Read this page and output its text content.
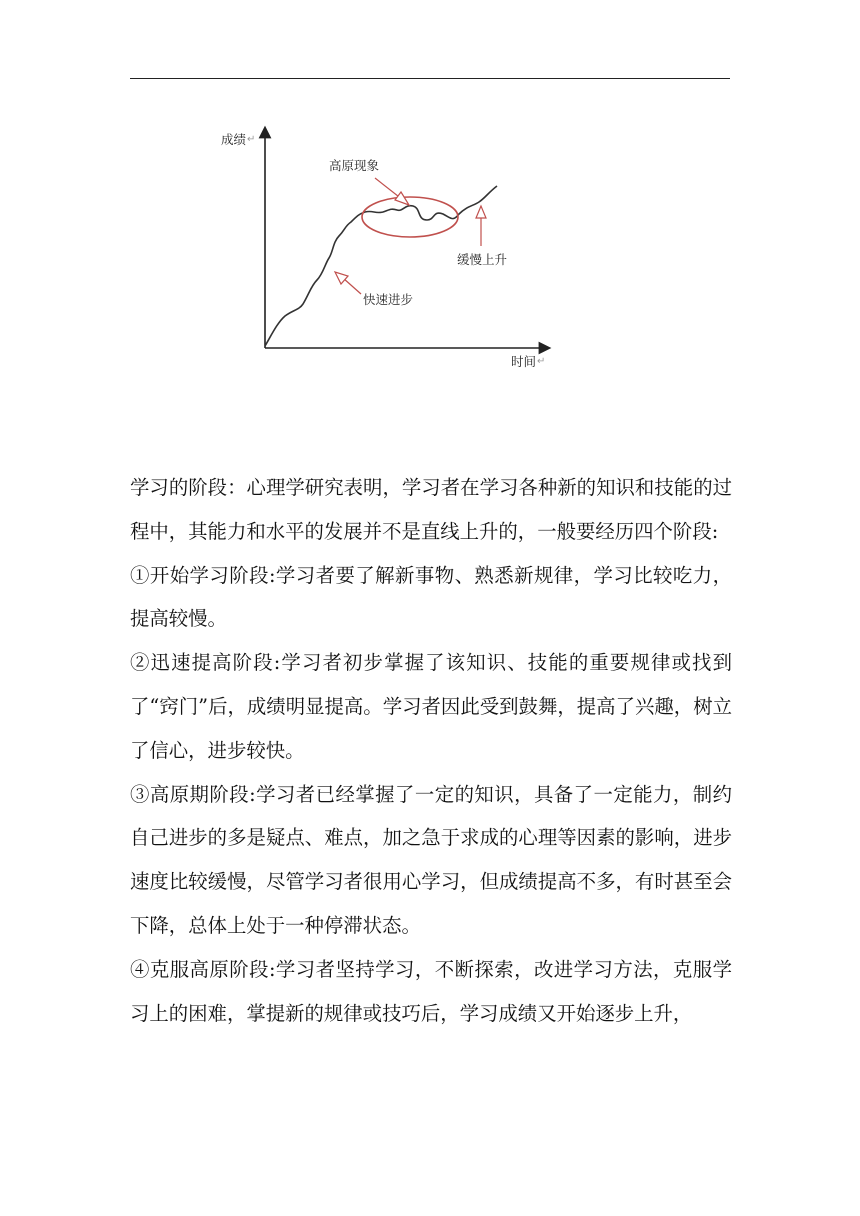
成绩 ↵
时间 ↵
高原现象
缓慢上升
快速进步

学习的阶段：心理学研究表明，学习者在学习各种新的知识和技能的过程中，其能力和水平的发展并不是直线上升的，一般要经历四个阶段:

①开始学习阶段:学习者要了解新事物、熟悉新规律，学习比较吃力，提高较慢。

②迅速提高阶段:学习者初步掌握了该知识、技能的重要规律或找到了“窍门”后，成绩明显提高。学习者因此受到鼓舞，提高了兴趣，树立了信心，进步较快。

③高原期阶段:学习者已经掌握了一定的知识，具备了一定能力，制约自己进步的多是疑点、难点，加之急于求成的心理等因素的影响，进步速度比较缓慢，尽管学习者很用心学习，但成绩提高不多，有时甚至会下降，总体上处于一种停滞状态。

④克服高原阶段:学习者坚持学习，不断探索，改进学习方法，克服学习上的困难，掌提新的规律或技巧后，学习成绩又开始逐步上升，
